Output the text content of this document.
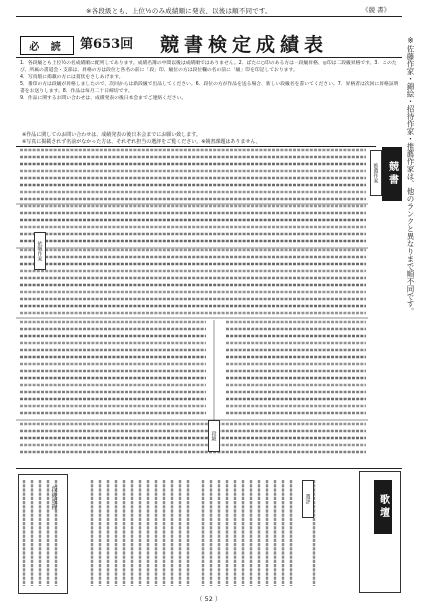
※各段級とも、上位½のみ成績順に発表、以後は順不同です。	《競 書》
必 読	第653回 競書検定成績表

1．各段級とも上位½の名成績順に配列してあります。成績名簿の中間以後は成績順ではありません。2．ばたに○印のある方は一段級昇格、◎印は二段級昇格です。3．このたび、所属の書道会・支部は、昇格の方は段位と各名の前に「段」印、級位の方は段位欄の名の前に「級」印を印記しております。

4．写真版に掲載の方には賞状をさしあげます。

5．番印の方は段級が昇格しましたので、次回からは新段級で出品してください。6．段位の方が作品を送る場合、新しい段級名を書いてください。7．昇格者は次回に昇格証明書をお送りします。8．作品は毎月二十日締切です。

9．作品に関するお問い合わせは、成績発表の後日本会までご連絡ください。

※作品に関してのお問い合わせは、成績発表の後日本会までにお願い致します。
※写真に掲載されず名前がなかった方は、それぞれ担当の選評をご覧ください。※競書課題はありません。	※佐藤作家・錦絵・招待作家・推薦作家は、他のランクと異なりまで順不同です。
競書
推薦作家
依嘱作家
段級
段級規程	選評	歌壇
（ 52 ）
